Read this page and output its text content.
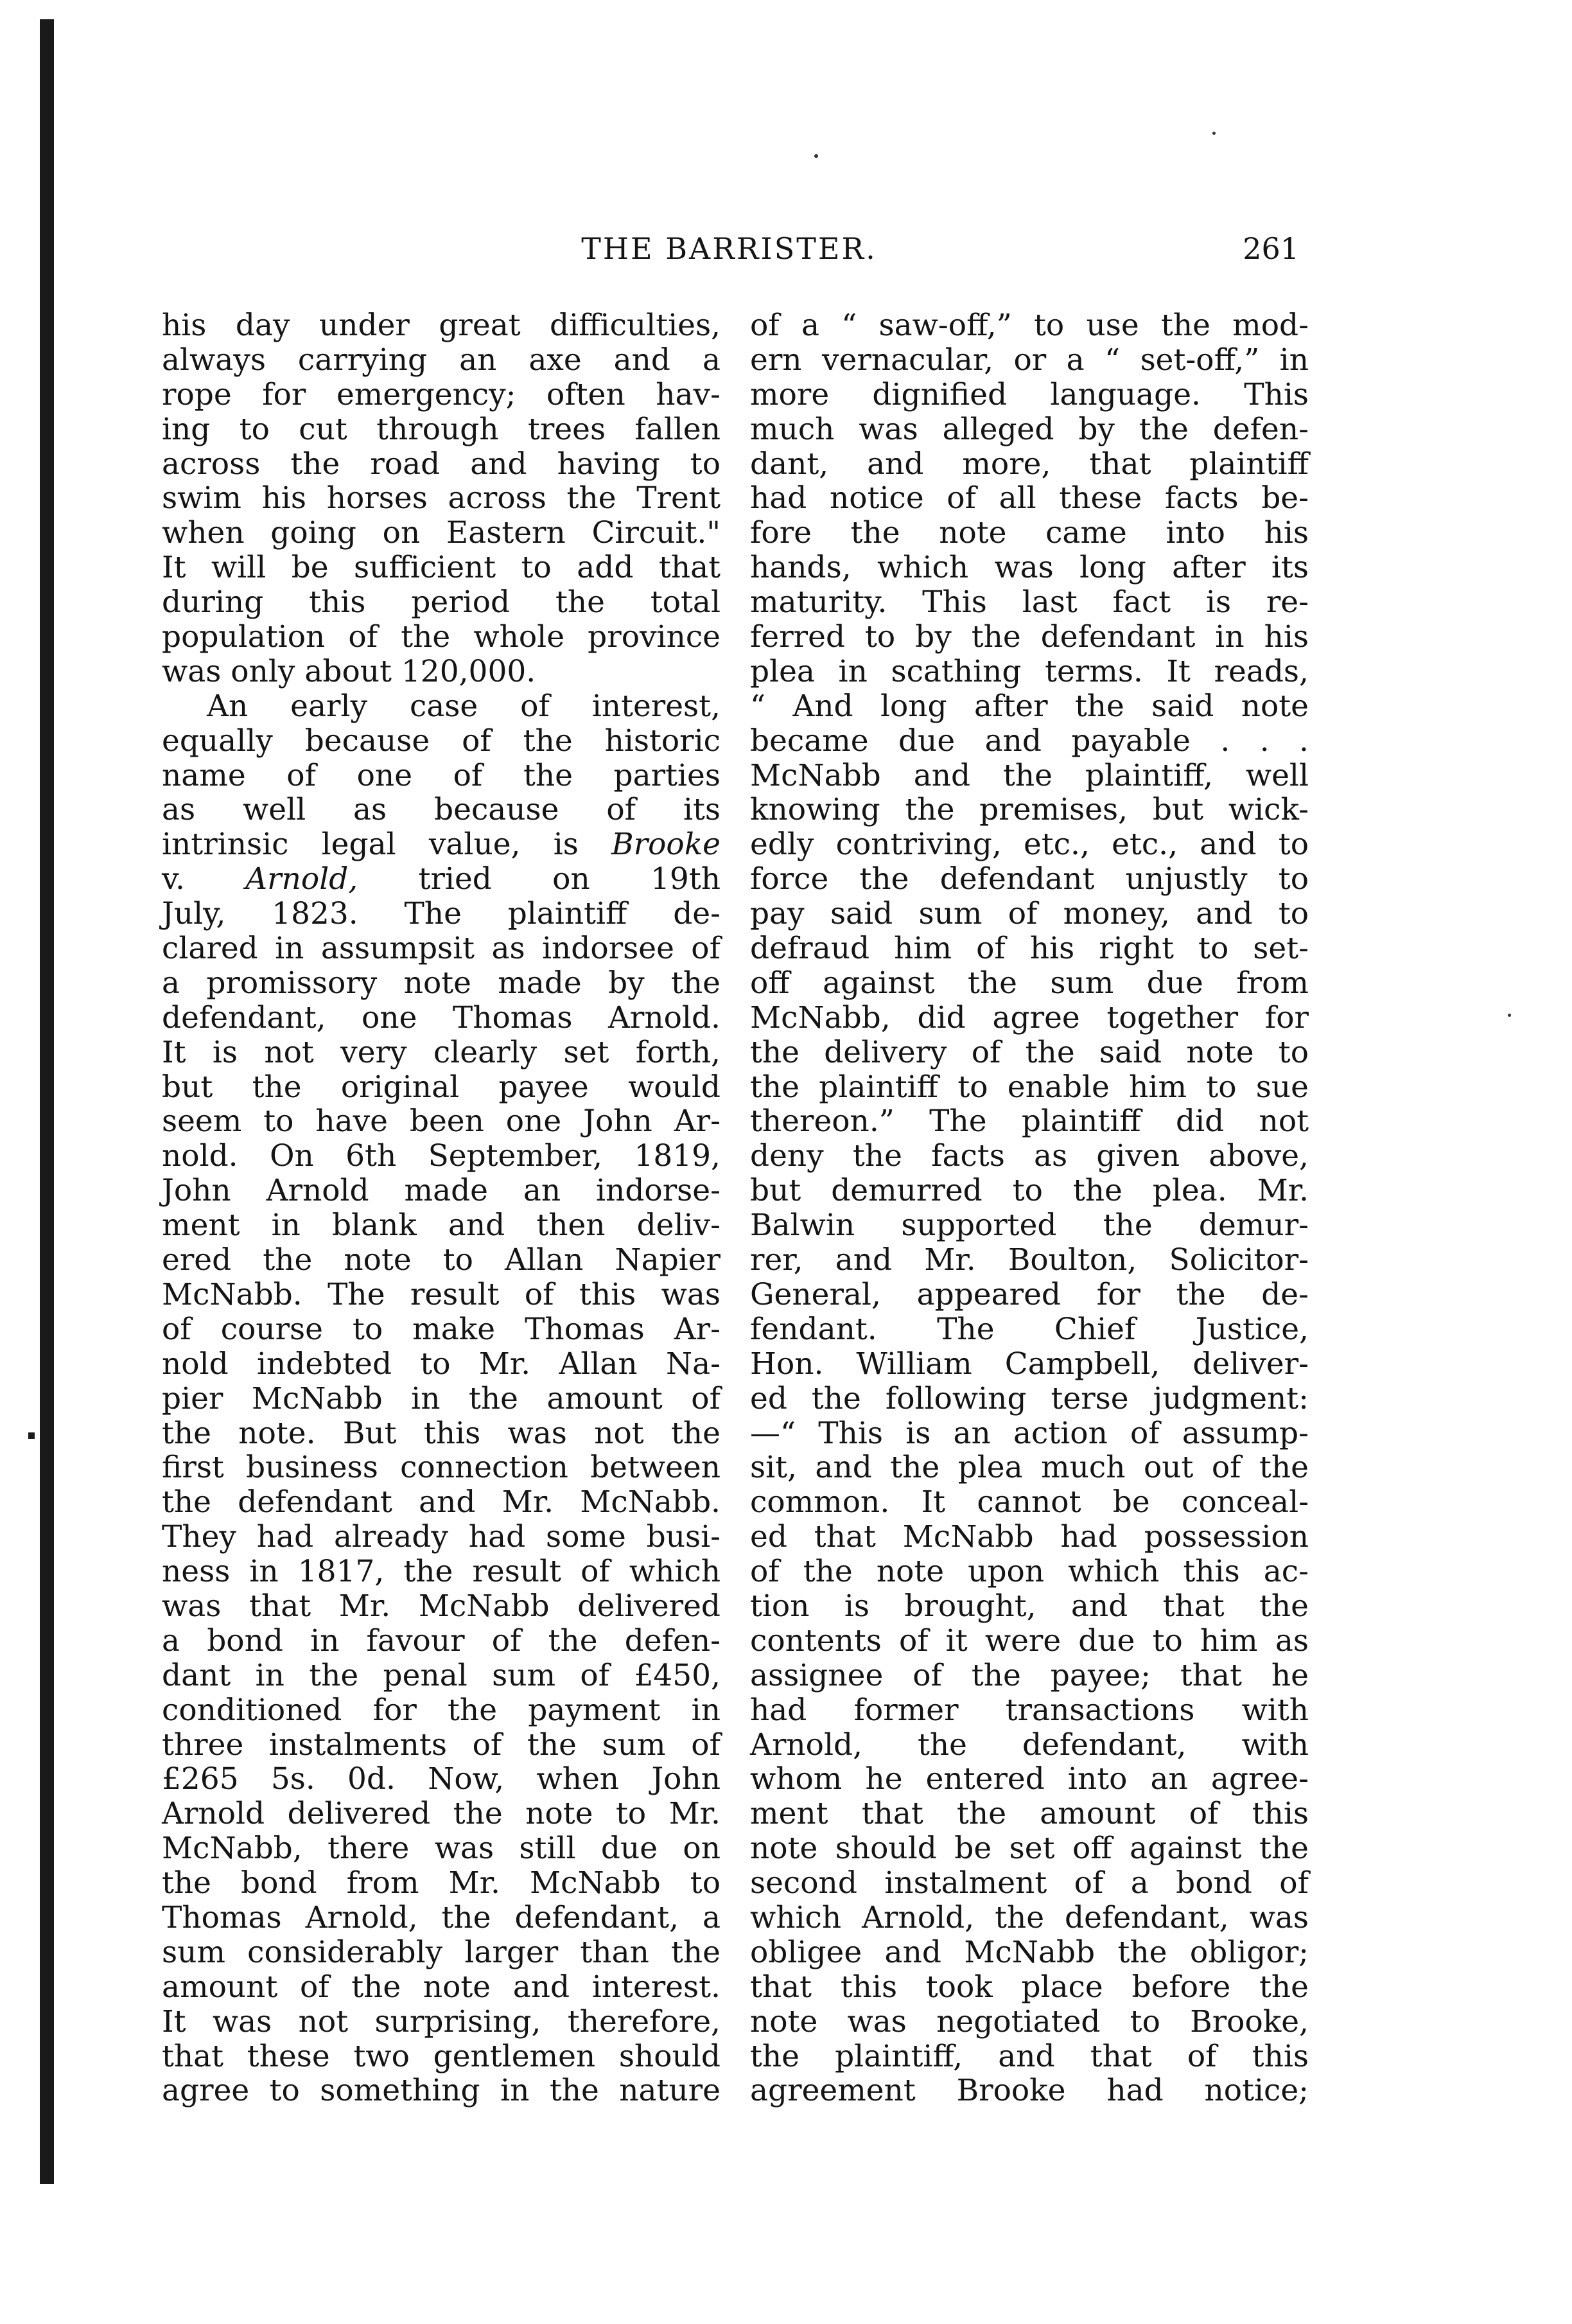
THE BARRISTER.	261
his day under great difficulties,
always carrying an axe and a
rope for emergency; often hav-
ing to cut through trees fallen
across the road and having to
swim his horses across the Trent
when going on Eastern Circuit."
It will be sufficient to add that
during this period the total
population of the whole province
was only about 120,000.
An early case of interest,
equally because of the historic
name of one of the parties
as well as because of its
intrinsic legal value, is Brooke
v. Arnold, tried on 19th
July, 1823. The plaintiff de-
clared in assumpsit as indorsee of
a promissory note made by the
defendant, one Thomas Arnold.
It is not very clearly set forth,
but the original payee would
seem to have been one John Ar-
nold. On 6th September, 1819,
John Arnold made an indorse-
ment in blank and then deliv-
ered the note to Allan Napier
McNabb. The result of this was
of course to make Thomas Ar-
nold indebted to Mr. Allan Na-
pier McNabb in the amount of
the note. But this was not the
first business connection between
the defendant and Mr. McNabb.
They had already had some busi-
ness in 1817, the result of which
was that Mr. McNabb delivered
a bond in favour of the defen-
dant in the penal sum of £450,
conditioned for the payment in
three instalments of the sum of
£265 5s. 0d. Now, when John
Arnold delivered the note to Mr.
McNabb, there was still due on
the bond from Mr. McNabb to
Thomas Arnold, the defendant, a
sum considerably larger than the
amount of the note and interest.
It was not surprising, therefore,
that these two gentlemen should
agree to something in the nature
of a “ saw-off,” to use the mod-
ern vernacular, or a “ set-off,” in
more dignified language. This
much was alleged by the defen-
dant, and more, that plaintiff
had notice of all these facts be-
fore the note came into his
hands, which was long after its
maturity. This last fact is re-
ferred to by the defendant in his
plea in scathing terms. It reads,
“ And long after the said note
became due and payable . . .
McNabb and the plaintiff, well
knowing the premises, but wick-
edly contriving, etc., etc., and to
force the defendant unjustly to
pay said sum of money, and to
defraud him of his right to set-
off against the sum due from
McNabb, did agree together for
the delivery of the said note to
the plaintiff to enable him to sue
thereon.” The plaintiff did not
deny the facts as given above,
but demurred to the plea. Mr.
Balwin supported the demur-
rer, and Mr. Boulton, Solicitor-
General, appeared for the de-
fendant. The Chief Justice,
Hon. William Campbell, deliver-
ed the following terse judgment:
—“ This is an action of assump-
sit, and the plea much out of the
common. It cannot be conceal-
ed that McNabb had possession
of the note upon which this ac-
tion is brought, and that the
contents of it were due to him as
assignee of the payee; that he
had former transactions with
Arnold, the defendant, with
whom he entered into an agree-
ment that the amount of this
note should be set off against the
second instalment of a bond of
which Arnold, the defendant, was
obligee and McNabb the obligor;
that this took place before the
note was negotiated to Brooke,
the plaintiff, and that of this
agreement Brooke had notice;
